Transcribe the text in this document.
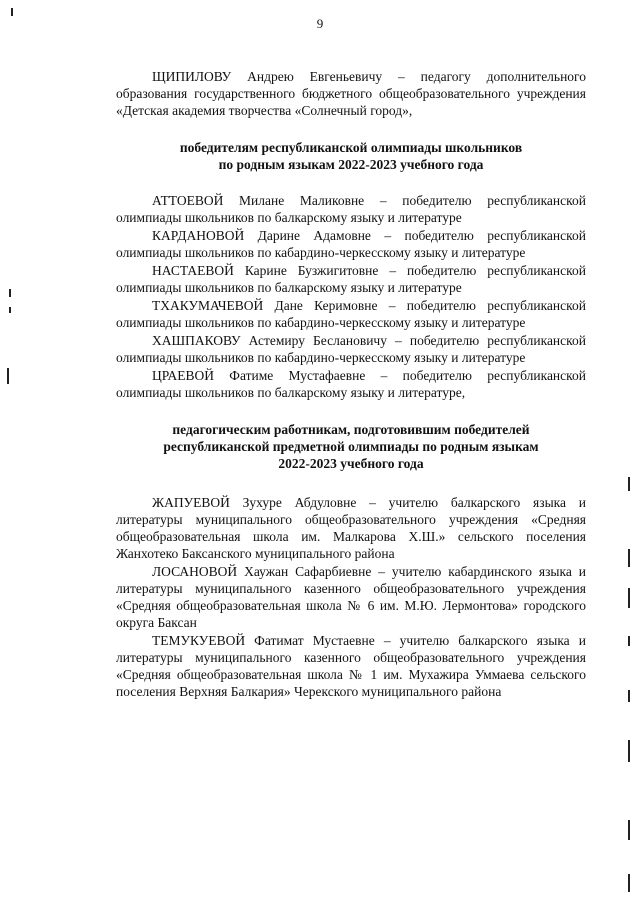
9

ЩИПИЛОВУ Андрею Евгеньевичу – педагогу дополнительного образования государственного бюджетного общеобразовательного учреждения «Детская академия творчества «Солнечный город»,

победителям республиканской олимпиады школьников

по родным языкам 2022-2023 учебного года

АТТОЕВОЙ Милане Маликовне – победителю республиканской олимпиады школьников по балкарскому языку и литературе

КАРДАНОВОЙ Дарине Адамовне – победителю республиканской олимпиады школьников по кабардино-черкесскому языку и литературе

НАСТАЕВОЙ Карине Бузжигитовне – победителю республиканской олимпиады школьников по балкарскому языку и литературе

ТХАКУМАЧЕВОЙ Дане Керимовне – победителю республиканской олимпиады школьников по кабардино-черкесскому языку и литературе

ХАШПАКОВУ Астемиру Беслановичу – победителю республиканской олимпиады школьников по кабардино-черкесскому языку и литературе

ЦРАЕВОЙ Фатиме Мустафаевне – победителю республиканской олимпиады школьников по балкарскому языку и литературе,

педагогическим работникам, подготовившим победителей

республиканской предметной олимпиады по родным языкам

2022-2023 учебного года

ЖАПУЕВОЙ Зухуре Абдуловне – учителю балкарского языка и литературы муниципального общеобразовательного учреждения «Средняя общеобразовательная школа им. Малкарова Х.Ш.» сельского поселения Жанхотеко Баксанского муниципального района

ЛОСАНОВОЙ Хаужан Сафарбиевне – учителю кабардинского языка и литературы муниципального казенного общеобразовательного учреждения «Средняя общеобразовательная школа № 6 им. М.Ю. Лермонтова» городского округа Баксан

ТЕМУКУЕВОЙ Фатимат Мустаевне – учителю балкарского языка и литературы муниципального казенного общеобразовательного учреждения «Средняя общеобразовательная школа № 1 им. Мухажира Уммаева сельского поселения Верхняя Балкария» Черекского муниципального района
